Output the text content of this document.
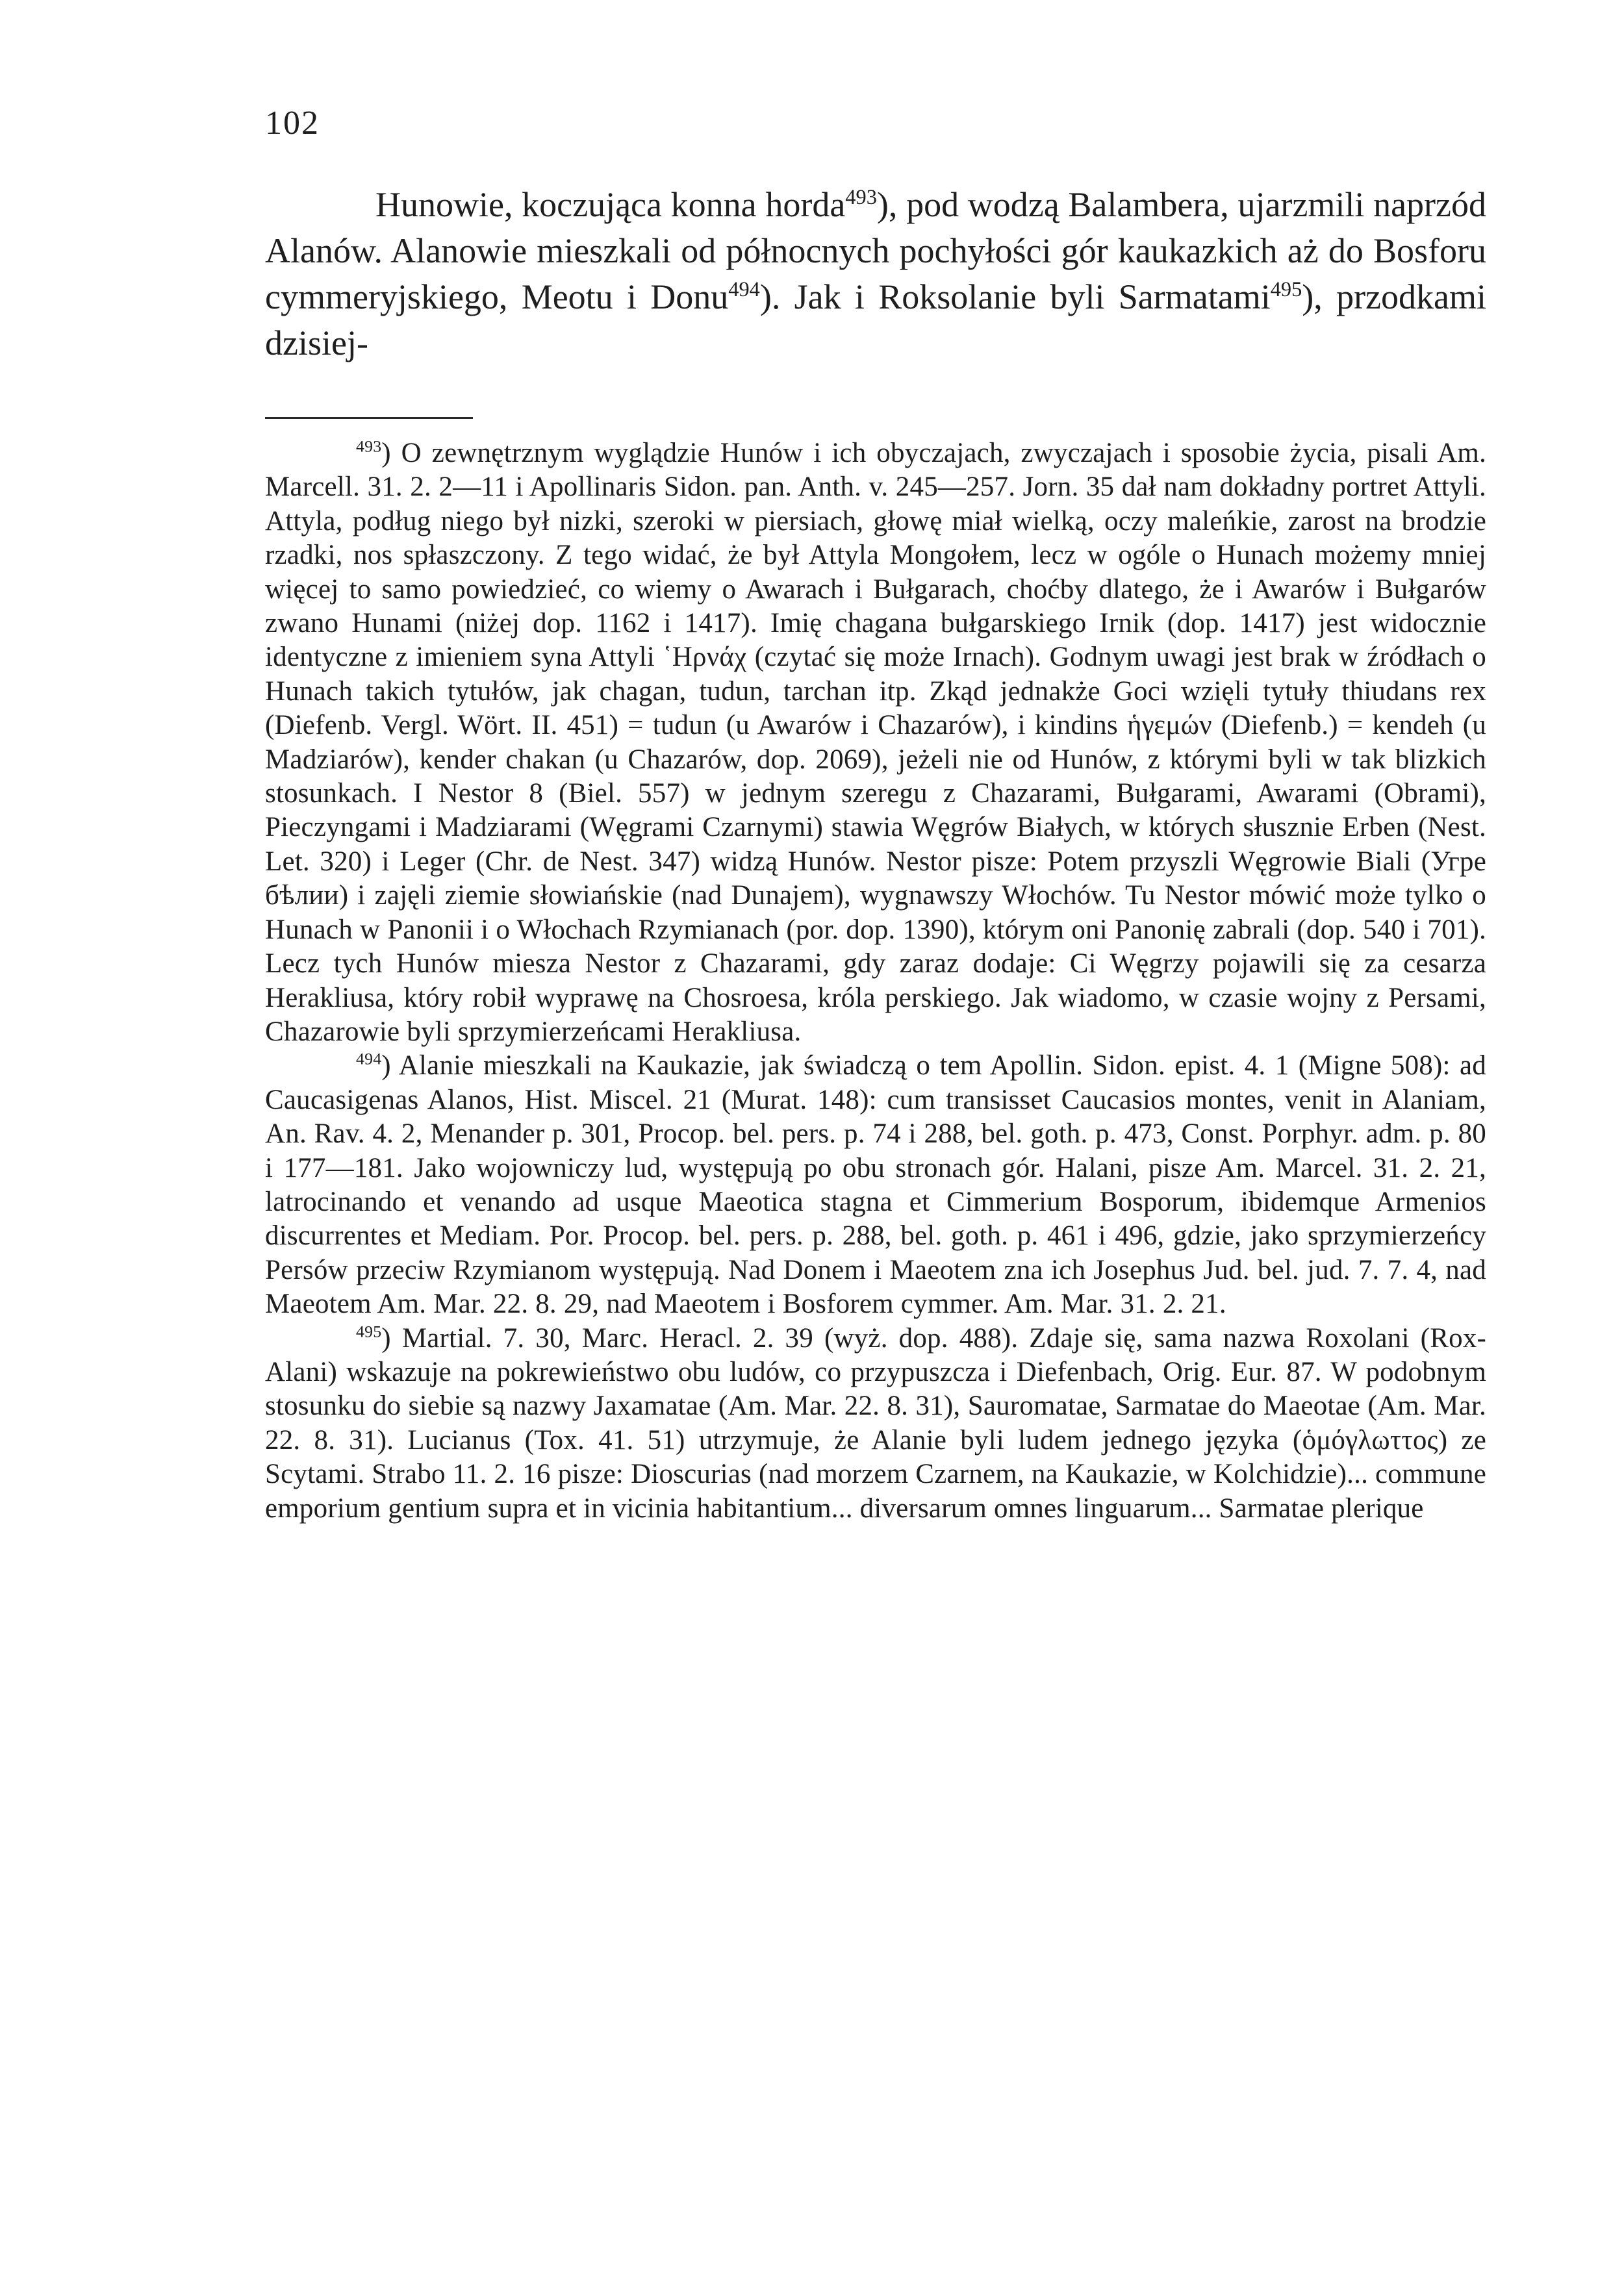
102
Hunowie, koczująca konna horda$^{493}$), pod wodzą Balambera, ujarzmili naprzód Alanów. Alanowie mieszkali od północnych pochyłości gór kaukazkich aż do Bosforu cymmeryjskiego, Meotu i Donu$^{494}$). Jak i Roksolanie byli Sarmatami$^{495}$), przodkami dzisiej-

$^{493}$) O zewnętrznym wyglądzie Hunów i ich obyczajach, zwyczajach i sposobie życia, pisali Am. Marcell. 31. 2. 2—11 i Apollinaris Sidon. pan. Anth. v. 245—257. Jorn. 35 dał nam dokładny portret Attyli. Attyla, podług niego był nizki, szeroki w piersiach, głowę miał wielką, oczy maleńkie, zarost na brodzie rzadki, nos spłaszczony. Z tego widać, że był Attyla Mongołem, lecz w ogóle o Hunach możemy mniej więcej to samo powiedzieć, co wiemy o Awarach i Bułgarach, choćby dlatego, że i Awarów i Bułgarów zwano Hunami (niżej dop. 1162 i 1417). Imię chagana bułgarskiego Irnik (dop. 1417) jest widocznie identyczne z imieniem syna Attyli ῾Ηρνάχ (czytać się może Irnach). Godnym uwagi jest brak w źródłach o Hunach takich tytułów, jak chagan, tudun, tarchan itp. Zkąd jednakże Goci wzięli tytuły thiudans rex (Diefenb. Vergl. Wört. II. 451) = tudun (u Awarów i Chazarów), i kindins ἡγεμών (Diefenb.) = kendeh (u Madziarów), kender chakan (u Chazarów, dop. 2069), jeżeli nie od Hunów, z którymi byli w tak blizkich stosunkach. I Nestor 8 (Biel. 557) w jednym szeregu z Chazarami, Bułgarami, Awarami (Obrami), Pieczyngami i Madziarami (Węgrami Czarnymi) stawia Węgrów Białych, w których słusznie Erben (Nest. Let. 320) i Leger (Chr. de Nest. 347) widzą Hunów. Nestor pisze: Potem przyszli Węgrowie Biali (Угре бѣлии) i zajęli ziemie słowiańskie (nad Dunajem), wygnawszy Włochów. Tu Nestor mówić może tylko o Hunach w Panonii i o Włochach Rzymianach (por. dop. 1390), którym oni Panonię zabrali (dop. 540 i 701). Lecz tych Hunów miesza Nestor z Chazarami, gdy zaraz dodaje: Ci Węgrzy pojawili się za cesarza Herakliusa, który robił wyprawę na Chosroesa, króla perskiego. Jak wiadomo, w czasie wojny z Persami, Chazarowie byli sprzymierzeńcami Herakliusa.

$^{494}$) Alanie mieszkali na Kaukazie, jak świadczą o tem Apollin. Sidon. epist. 4. 1 (Migne 508): ad Caucasigenas Alanos, Hist. Miscel. 21 (Murat. 148): cum transisset Caucasios montes, venit in Alaniam, An. Rav. 4. 2, Menander p. 301, Procop. bel. pers. p. 74 i 288, bel. goth. p. 473, Const. Porphyr. adm. p. 80 i 177—181. Jako wojowniczy lud, występują po obu stronach gór. Halani, pisze Am. Marcel. 31. 2. 21, latrocinando et venando ad usque Maeotica stagna et Cimmerium Bosporum, ibidemque Armenios discurrentes et Mediam. Por. Procop. bel. pers. p. 288, bel. goth. p. 461 i 496, gdzie, jako sprzymierzeńcy Persów przeciw Rzymianom występują. Nad Donem i Maeotem zna ich Josephus Jud. bel. jud. 7. 7. 4, nad Maeotem Am. Mar. 22. 8. 29, nad Maeotem i Bosforem cymmer. Am. Mar. 31. 2. 21.

$^{495}$) Martial. 7. 30, Marc. Heracl. 2. 39 (wyż. dop. 488). Zdaje się, sama nazwa Roxolani (Rox-Alani) wskazuje na pokrewieństwo obu ludów, co przypuszcza i Diefenbach, Orig. Eur. 87. W podobnym stosunku do siebie są nazwy Jaxamatae (Am. Mar. 22. 8. 31), Sauromatae, Sarmatae do Maeotae (Am. Mar. 22. 8. 31). Lucianus (Tox. 41. 51) utrzymuje, że Alanie byli ludem jednego języka (ὁμόγλωττος) ze Scytami. Strabo 11. 2. 16 pisze: Dioscurias (nad morzem Czarnem, na Kaukazie, w Kolchidzie)... commune emporium gentium supra et in vicinia habitantium... diversarum omnes linguarum... Sarmatae plerique
